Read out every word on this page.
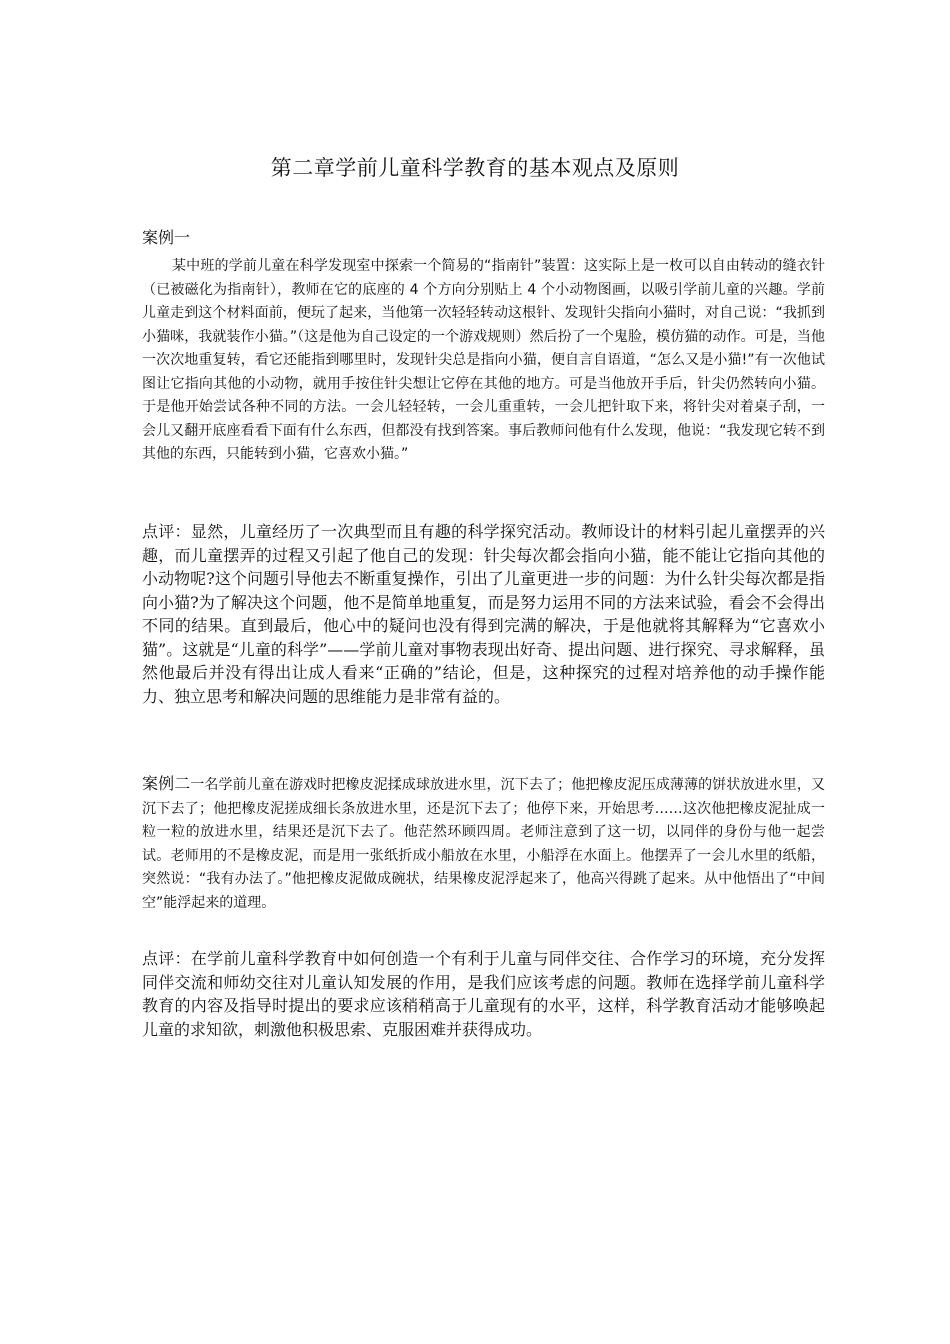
第二章学前儿童科学教育的基本观点及原则

案例一

某中班的学前儿童在科学发现室中探索一个简易的“指南针”装置：这实际上是一枚可以自由转动的缝衣针（已被磁化为指南针），教师在它的底座的 4 个方向分别贴上 4 个小动物图画，以吸引学前儿童的兴趣。学前儿童走到这个材料面前，便玩了起来，当他第一次轻轻转动这根针、发现针尖指向小猫时，对自己说：“我抓到小猫咪，我就装作小猫。”（这是他为自己设定的一个游戏规则）然后扮了一个鬼脸，模仿猫的动作。可是，当他一次次地重复转，看它还能指到哪里时，发现针尖总是指向小猫，便自言自语道，“怎么又是小猫!”有一次他试图让它指向其他的小动物，就用手按住针尖想让它停在其他的地方。可是当他放开手后，针尖仍然转向小猫。于是他开始尝试各种不同的方法。一会儿轻轻转，一会儿重重转，一会儿把针取下来，将针尖对着桌子刮，一会儿又翻开底座看看下面有什么东西，但都没有找到答案。事后教师问他有什么发现，他说：“我发现它转不到其他的东西，只能转到小猫，它喜欢小猫。”

点评：显然，儿童经历了一次典型而且有趣的科学探究活动。教师设计的材料引起儿童摆弄的兴趣，而儿童摆弄的过程又引起了他自己的发现：针尖每次都会指向小猫，能不能让它指向其他的小动物呢?这个问题引导他去不断重复操作，引出了儿童更进一步的问题：为什么针尖每次都是指向小猫?为了解决这个问题，他不是简单地重复，而是努力运用不同的方法来试验，看会不会得出不同的结果。直到最后，他心中的疑问也没有得到完满的解决，于是他就将其解释为“它喜欢小猫”。这就是“儿童的科学”——学前儿童对事物表现出好奇、提出问题、进行探究、寻求解释，虽然他最后并没有得出让成人看来“正确的”结论，但是，这种探究的过程对培养他的动手操作能力、独立思考和解决问题的思维能力是非常有益的。

案例二一名学前儿童在游戏时把橡皮泥揉成球放进水里，沉下去了；他把橡皮泥压成薄薄的饼状放进水里，又沉下去了；他把橡皮泥搓成细长条放进水里，还是沉下去了；他停下来，开始思考……这次他把橡皮泥扯成一粒一粒的放进水里，结果还是沉下去了。他茫然环顾四周。老师注意到了这一切，以同伴的身份与他一起尝试。老师用的不是橡皮泥，而是用一张纸折成小船放在水里，小船浮在水面上。他摆弄了一会儿水里的纸船，突然说：“我有办法了。”他把橡皮泥做成碗状，结果橡皮泥浮起来了，他高兴得跳了起来。从中他悟出了“中间空”能浮起来的道理。

点评：在学前儿童科学教育中如何创造一个有利于儿童与同伴交往、合作学习的环境，充分发挥同伴交流和师幼交往对儿童认知发展的作用，是我们应该考虑的问题。教师在选择学前儿童科学教育的内容及指导时提出的要求应该稍稍高于儿童现有的水平，这样，科学教育活动才能够唤起儿童的求知欲，刺激他积极思索、克服困难并获得成功。
